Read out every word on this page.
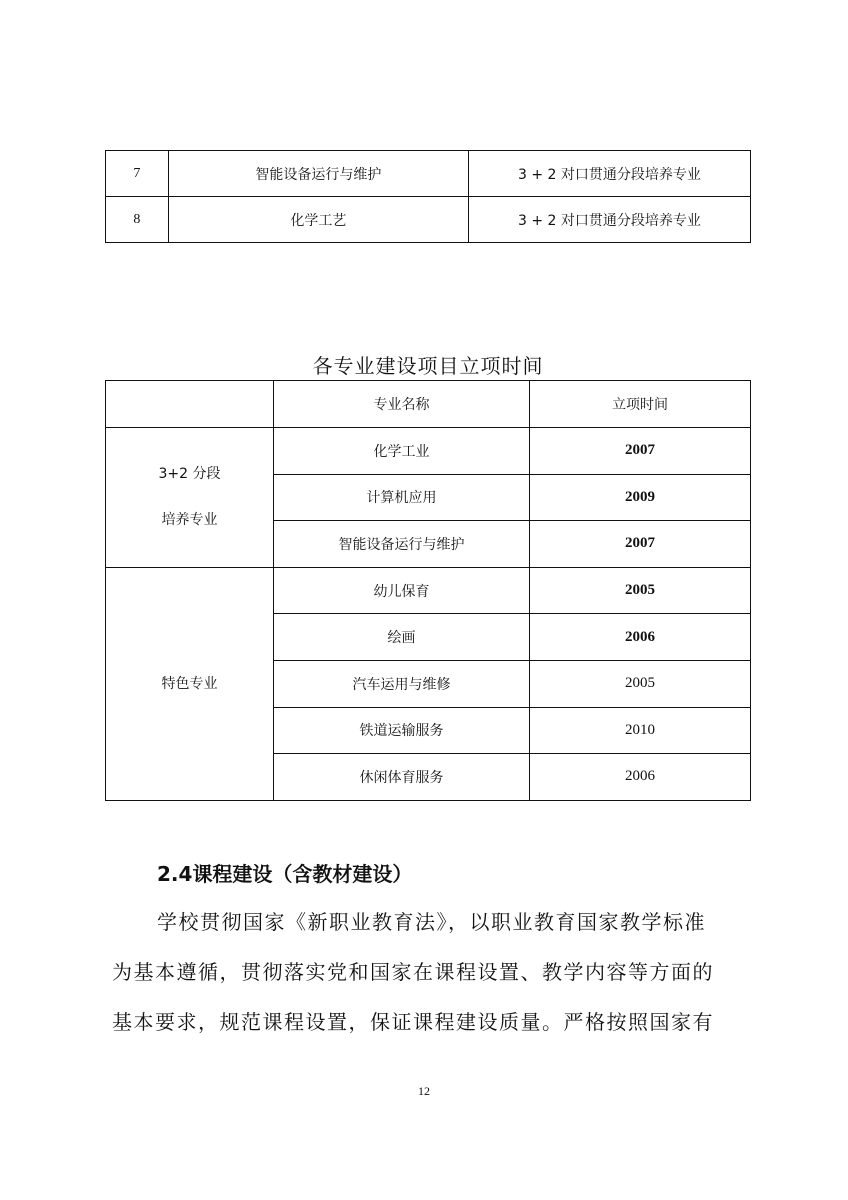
7	智能设备运行与维护	3 + 2 对口贯通分段培养专业
8	化学工艺	3 + 2 对口贯通分段培养专业
各专业建设项目立项时间
	专业名称	立项时间

3+2 分段
培养专业	化学工业	2007
	计算机应用	2009
	智能设备运行与维护	2007
特色专业	幼儿保育	2005
	绘画	2006
	汽车运用与维修	2005
	铁道运输服务	2010
	休闲体育服务	2006
2.4课程建设（含教材建设）
学校贯彻国家《新职业教育法》，以职业教育国家教学标准
为基本遵循，贯彻落实党和国家在课程设置、教学内容等方面的
基本要求，规范课程设置，保证课程建设质量。严格按照国家有
12
